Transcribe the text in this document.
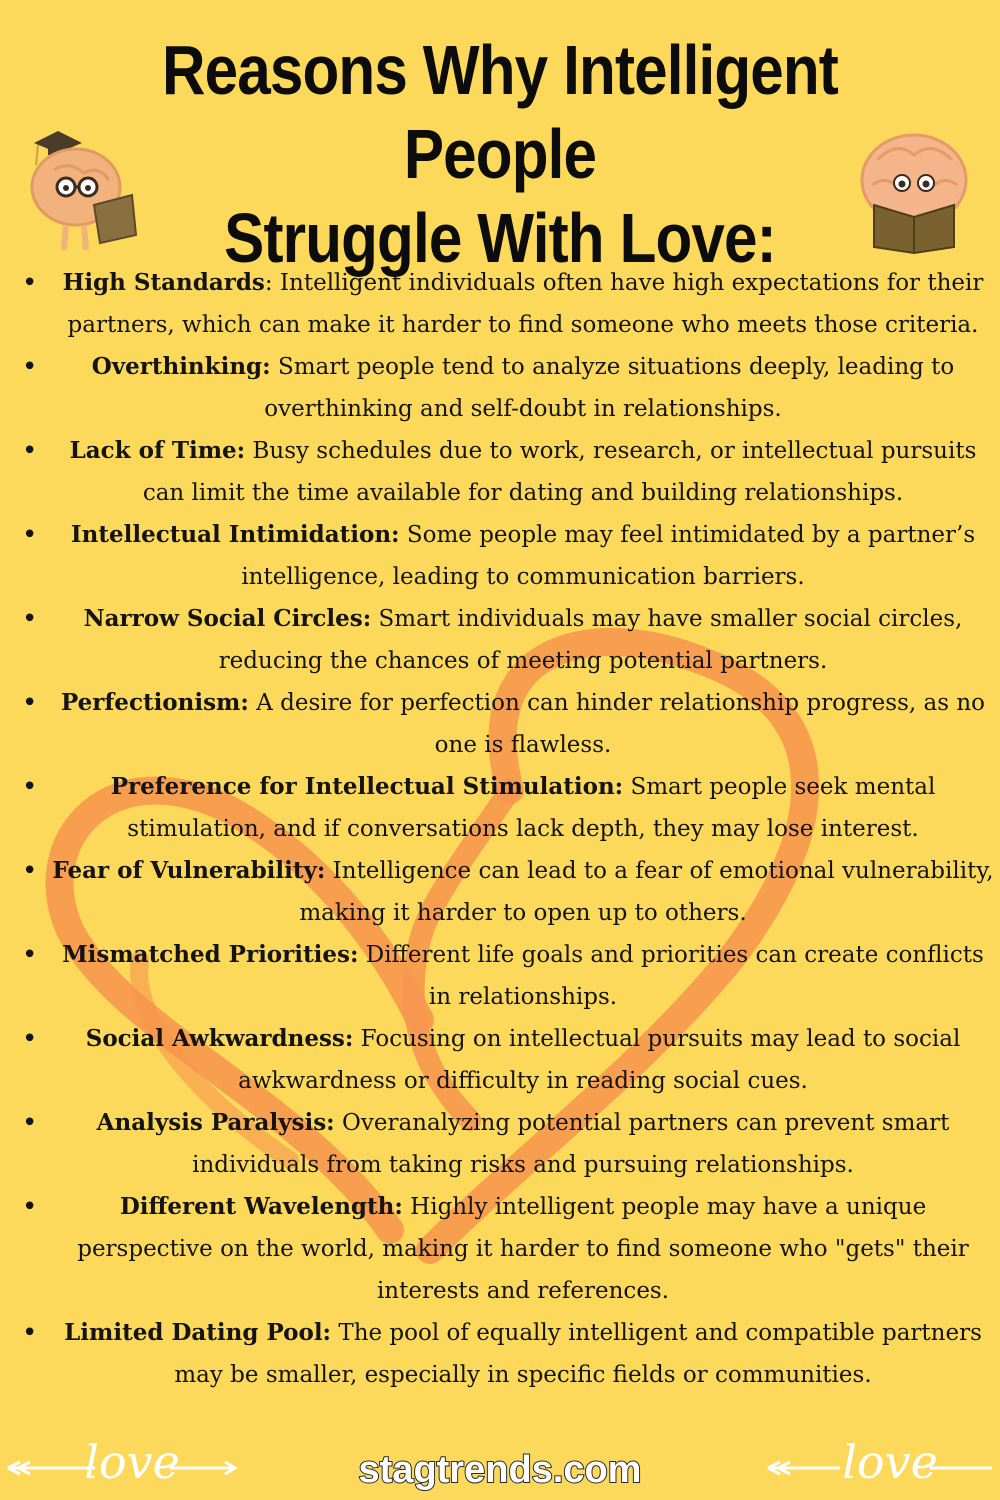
Reasons Why Intelligent People
Struggle With Love:
• High Standards: Intelligent individuals often have high expectations for their partners, which can make it harder to find someone who meets those criteria.
• Overthinking: Smart people tend to analyze situations deeply, leading to overthinking and self-doubt in relationships.
• Lack of Time: Busy schedules due to work, research, or intellectual pursuits can limit the time available for dating and building relationships.
• Intellectual Intimidation: Some people may feel intimidated by a partner’s intelligence, leading to communication barriers.
• Narrow Social Circles: Smart individuals may have smaller social circles, reducing the chances of meeting potential partners.
• Perfectionism: A desire for perfection can hinder relationship progress, as no one is flawless.
•	Preference for Intellectual Stimulation: Smart people seek mental stimulation, and if conversations lack depth, they may lose interest.
• Fear of Vulnerability: Intelligence can lead to a fear of emotional vulnerability, making it harder to open up to others.
• Mismatched Priorities: Different life goals and priorities can create conflicts in relationships.
• Social Awkwardness: Focusing on intellectual pursuits may lead to social awkwardness or difficulty in reading social cues.
•	Analysis Paralysis: Overanalyzing potential partners can prevent smart individuals from taking risks and pursuing relationships.
•	Different Wavelength: Highly intelligent people may have a unique perspective on the world, making it harder to find someone who "gets" their interests and references.
• Limited Dating Pool: The pool of equally intelligent and compatible partners may be smaller, especially in specific fields or communities.
love	love
stagtrends.com
